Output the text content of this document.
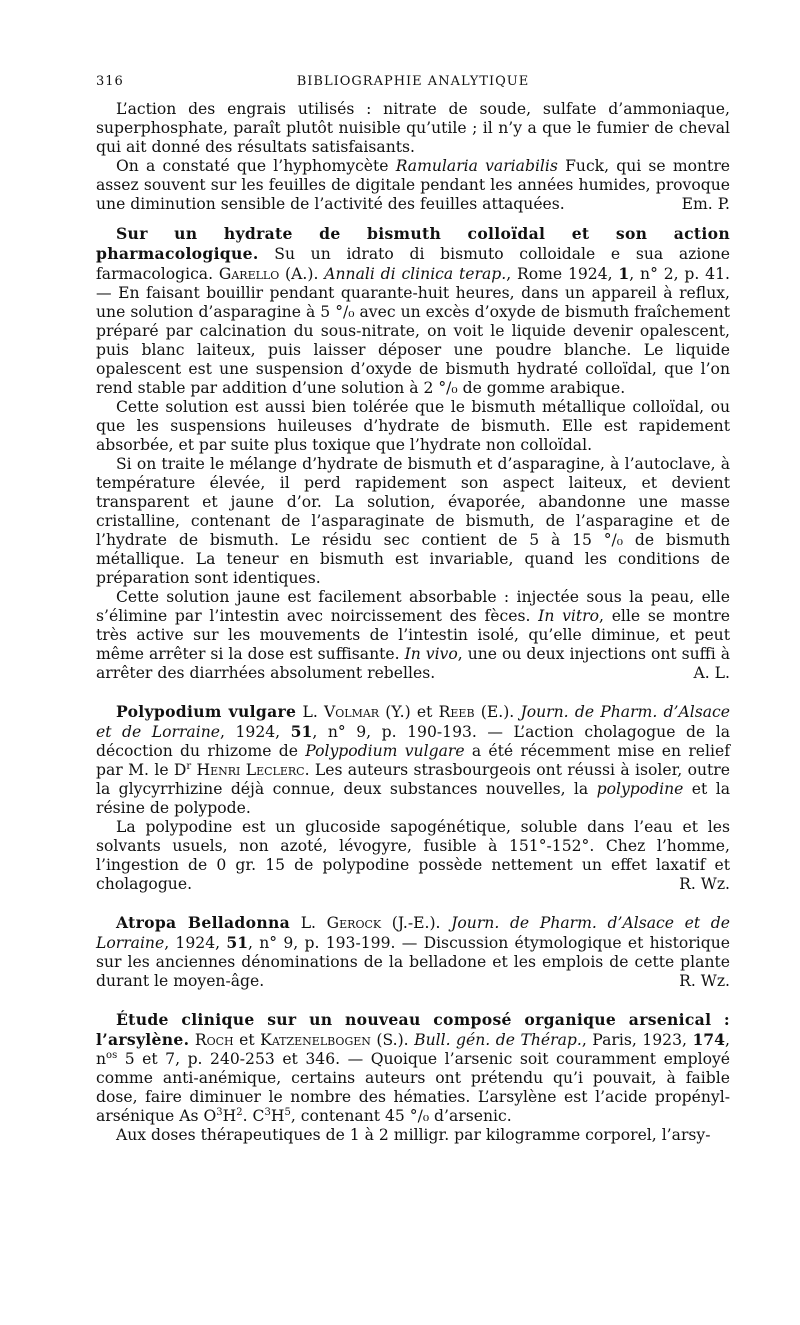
316	BIBLIOGRAPHIE ANALYTIQUE

L’action des engrais utilisés : nitrate de soude, sulfate d’ammoniaque, superphosphate, paraît plutôt nuisible qu’utile ; il n’y a que le fumier de cheval qui ait donné des résultats satisfaisants.

On a constaté que l’hyphomycète Ramularia variabilis Fuck, qui se montre assez souvent sur les feuilles de digitale pendant les années humides, provoque une diminution sensible de l’activité des feuilles attaquées.	Em. P.

Sur un hydrate de bismuth colloïdal et son action pharmacologique. Su un idrato di bismuto colloidale e sua azione farmacologica. Garello (A.). Annali di clinica terap., Rome 1924, 1, n° 2, p. 41. — En faisant bouillir pendant quarante-huit heures, dans un appareil à reflux, une solution d’asparagine à 5 °/₀ avec un excès d’oxyde de bismuth fraîchement préparé par calcination du sous-nitrate, on voit le liquide devenir opalescent, puis blanc laiteux, puis laisser déposer une poudre blanche. Le liquide opalescent est une suspension d’oxyde de bismuth hydraté colloïdal, que l’on rend stable par addition d’une solution à 2 °/₀ de gomme arabique.

Cette solution est aussi bien tolérée que le bismuth métallique colloïdal, ou que les suspensions huileuses d’hydrate de bismuth. Elle est rapidement absorbée, et par suite plus toxique que l’hydrate non colloïdal.

Si on traite le mélange d’hydrate de bismuth et d’asparagine, à l’autoclave, à température élevée, il perd rapidement son aspect laiteux, et devient transparent et jaune d’or. La solution, évaporée, abandonne une masse cristalline, contenant de l’asparaginate de bismuth, de l’asparagine et de l’hydrate de bismuth. Le résidu sec contient de 5 à 15 °/₀ de bismuth métallique. La teneur en bismuth est invariable, quand les conditions de préparation sont identiques.

Cette solution jaune est facilement absorbable : injectée sous la peau, elle s’élimine par l’intestin avec noircissement des fèces. In vitro, elle se montre très active sur les mouvements de l’intestin isolé, qu’elle diminue, et peut même arrêter si la dose est suffisante. In vivo, une ou deux injections ont suffi à arrêter des diarrhées absolument rebelles.	A. L.

Polypodium vulgare L. Volmar (Y.) et Reeb (E.). Journ. de Pharm. d’Alsace et de Lorraine, 1924, 51, n° 9, p. 190-193. — L’action cholagogue de la décoction du rhizome de Polypodium vulgare a été récemment mise en relief par M. le $D^r$ Henri Leclerc. Les auteurs strasbourgeois ont réussi à isoler, outre la glycyrrhizine déjà connue, deux substances nouvelles, la polypodine et la résine de polypode.

La polypodine est un glucoside sapogénétique, soluble dans l’eau et les solvants usuels, non azoté, lévogyre, fusible à 151°-152°. Chez l’homme, l’ingestion de 0 gr. 15 de polypodine possède nettement un effet laxatif et cholagogue.	R. Wz.

Atropa Belladonna L. Gerock (J.-E.). Journ. de Pharm. d’Alsace et de Lorraine, 1924, 51, n° 9, p. 193-199. — Discussion étymologique et historique sur les anciennes dénominations de la belladone et les emplois de cette plante durant le moyen-âge.	R. Wz.

Étude clinique sur un nouveau composé organique arsenical : l’arsylène. Roch et Katzenelbogen (S.). Bull. gén. de Thérap., Paris, 1923, 174, $n^{os}$ 5 et 7, p. 240-253 et 346. — Quoique l’arsenic soit couramment employé comme anti-anémique, certains auteurs ont prétendu qu’i pouvait, à faible dose, faire diminuer le nombre des hématies. L’arsylène est l’acide propényl-arsénique As $O^3H^2$. $C^3H^5$, contenant 45 °/₀ d’arsenic.

Aux doses thérapeutiques de 1 à 2 milligr. par kilogramme corporel, l’arsy-
